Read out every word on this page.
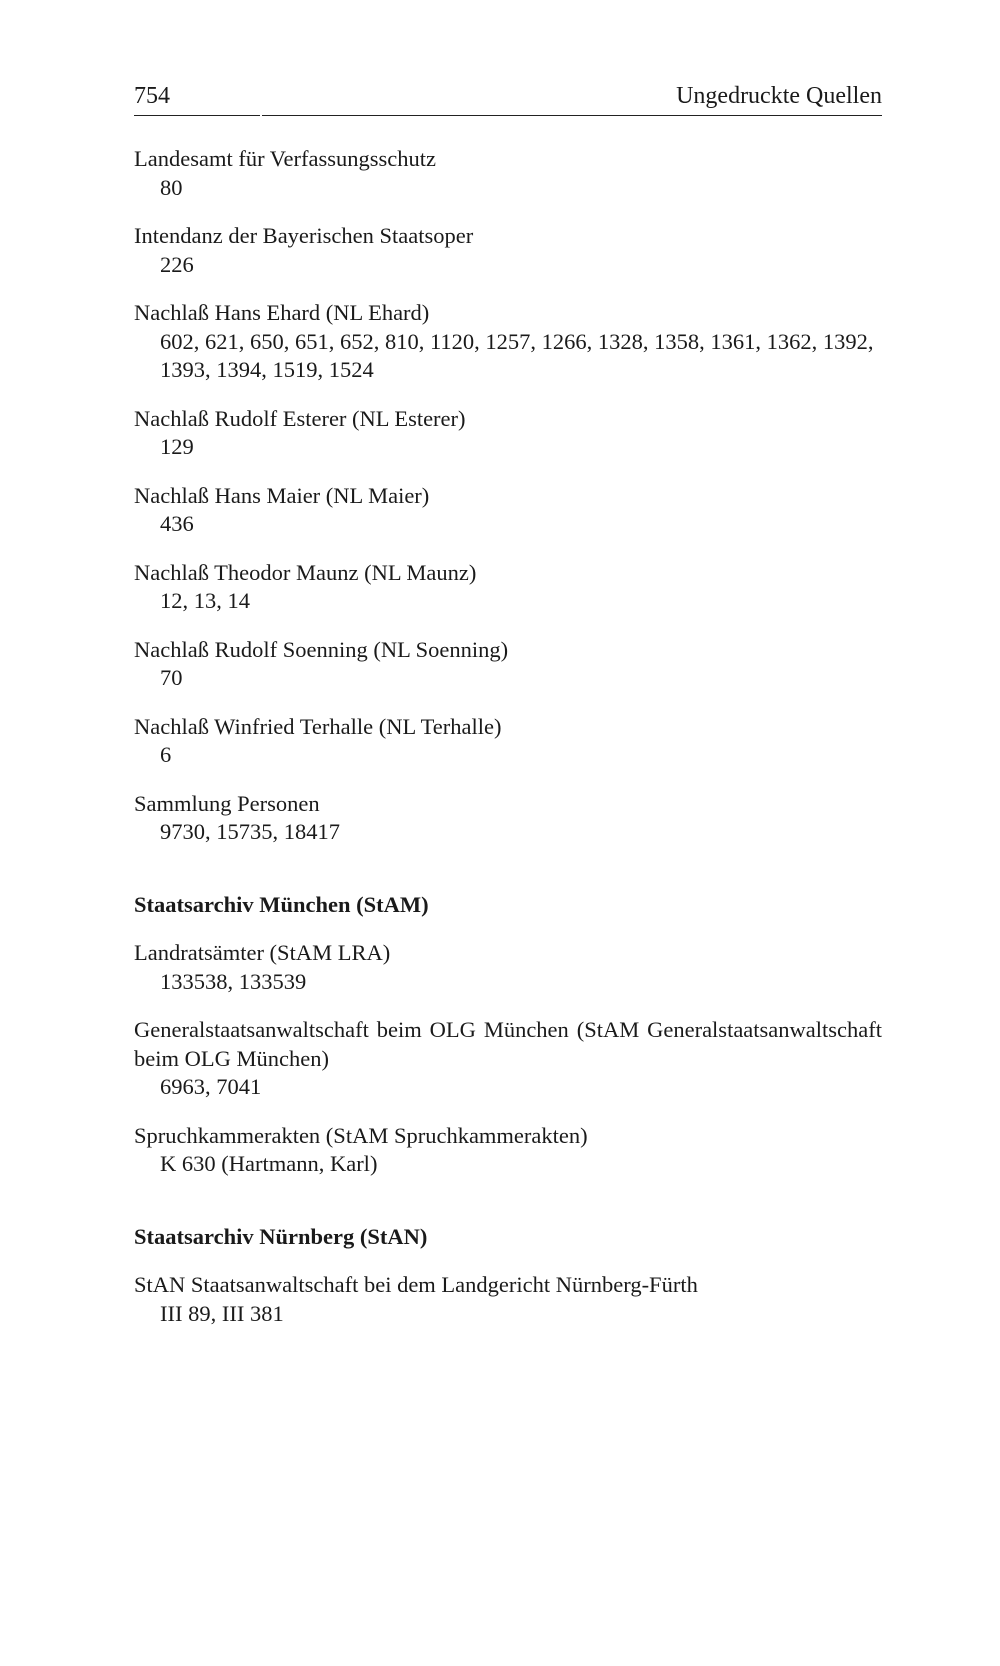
754	Ungedruckte Quellen
Landesamt für Verfassungsschutz
80
Intendanz der Bayerischen Staatsoper
226
Nachlaß Hans Ehard (NL Ehard)
602, 621, 650, 651, 652, 810, 1120, 1257, 1266, 1328, 1358, 1361, 1362, 1392, 1393, 1394, 1519, 1524
Nachlaß Rudolf Esterer (NL Esterer)
129
Nachlaß Hans Maier (NL Maier)
436
Nachlaß Theodor Maunz (NL Maunz)
12, 13, 14
Nachlaß Rudolf Soenning (NL Soenning)
70
Nachlaß Winfried Terhalle (NL Terhalle)
6
Sammlung Personen
9730, 15735, 18417
Staatsarchiv München (StAM)
Landratsämter (StAM LRA)
133538, 133539
Generalstaatsanwaltschaft beim OLG München (StAM Generalstaatsanwaltschaft beim OLG München)
6963, 7041
Spruchkammerakten (StAM Spruchkammerakten)
K 630 (Hartmann, Karl)
Staatsarchiv Nürnberg (StAN)
StAN Staatsanwaltschaft bei dem Landgericht Nürnberg-Fürth
III 89, III 381
